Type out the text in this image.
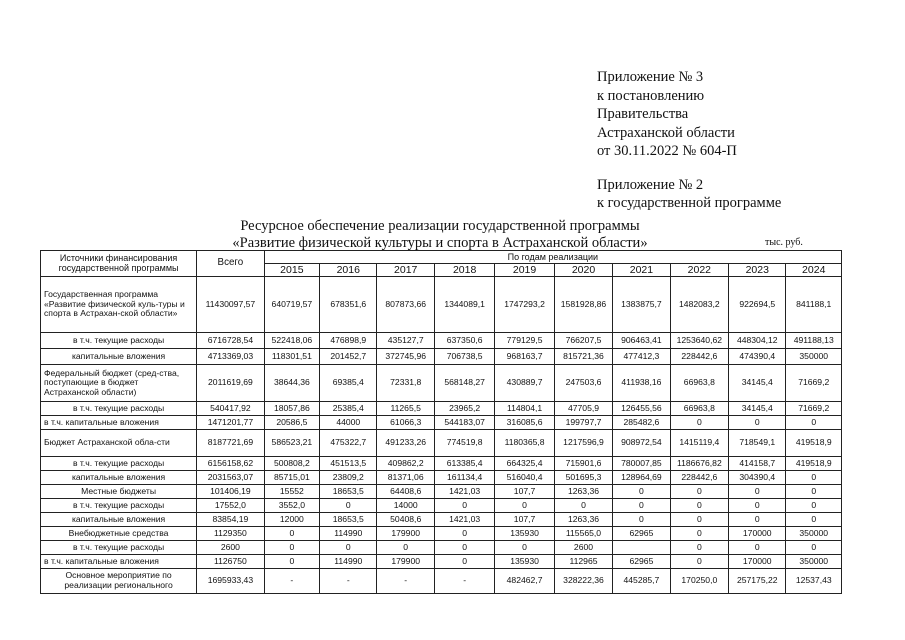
Приложение № 3
к постановлению
Правительства
Астраханской области
от 30.11.2022 № 604-П
Приложение № 2
к государственной программе
Ресурсное обеспечение реализации государственной программы
«Развитие физической культуры и спорта в Астраханской области»	тыс. руб.
Источники финансирования государственной программы	Всего	По годам реализации									
		2015	2016	2017	2018	2019	2020	2021	2022	2023	2024
Государственная программа «Развитие физической куль-туры и спорта в Астрахан-ской области»	11430097,57	640719,57	678351,6	807873,66	1344089,1	1747293,2	1581928,86	1383875,7	1482083,2	922694,5	841188,1
в т.ч. текущие расходы	6716728,54	522418,06	476898,9	435127,7	637350,6	779129,5	766207,5	906463,41	1253640,62	448304,12	491188,13
капитальные вложения	4713369,03	118301,51	201452,7	372745,96	706738,5	968163,7	815721,36	477412,3	228442,6	474390,4	350000
Федеральный бюджет (сред-ства, поступающие в бюджет Астраханской области)	2011619,69	38644,36	69385,4	72331,8	568148,27	430889,7	247503,6	411938,16	66963,8	34145,4	71669,2
в т.ч. текущие расходы	540417,92	18057,86	25385,4	11265,5	23965,2	114804,1	47705,9	126455,56	66963,8	34145,4	71669,2
в т.ч. капитальные вложения	1471201,77	20586,5	44000	61066,3	544183,07	316085,6	199797,7	285482,6	0	0	0
Бюджет Астраханской обла-сти	8187721,69	586523,21	475322,7	491233,26	774519,8	1180365,8	1217596,9	908972,54	1415119,4	718549,1	419518,9
в т.ч. текущие расходы	6156158,62	500808,2	451513,5	409862,2	613385,4	664325,4	715901,6	780007,85	1186676,82	414158,7	419518,9
капитальные вложения	2031563,07	85715,01	23809,2	81371,06	161134,4	516040,4	501695,3	128964,69	228442,6	304390,4	0
Местные бюджеты	101406,19	15552	18653,5	64408,6	1421,03	107,7	1263,36	0	0	0	0
в т.ч. текущие расходы	17552,0	3552,0	0	14000	0	0	0	0	0	0	0
капитальные вложения	83854,19	12000	18653,5	50408,6	1421,03	107,7	1263,36	0	0	0	0
Внебюджетные средства	1129350	0	114990	179900	0	135930	115565,0	62965	0	170000	350000
в т.ч. текущие расходы	2600	0	0	0	0	0	2600		0	0	0
в т.ч. капитальные вложения	1126750	0	114990	179900	0	135930	112965	62965	0	170000	350000
Основное мероприятие по реализации регионального	1695933,43	-	-	-	-	482462,7	328222,36	445285,7	170250,0	257175,22	12537,43
